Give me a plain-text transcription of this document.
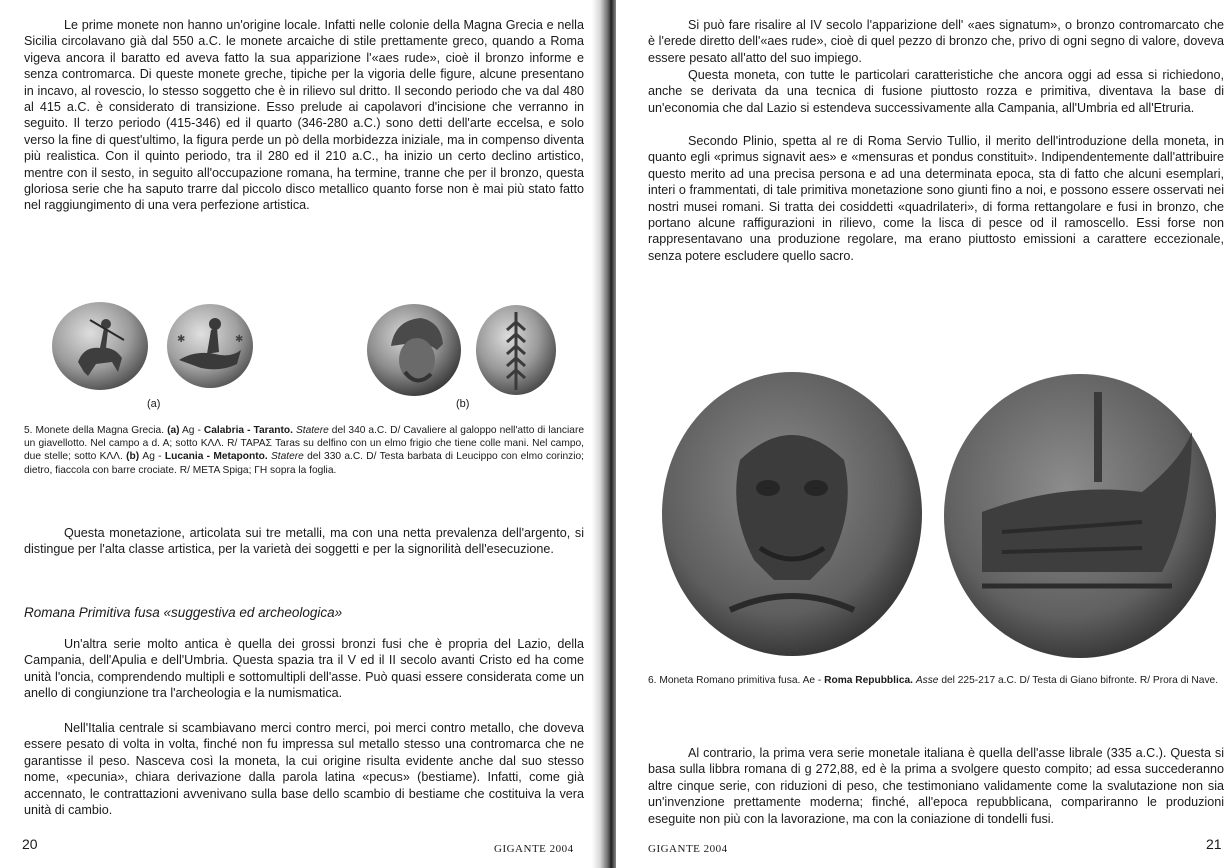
Le prime monete non hanno un'origine locale. Infatti nelle colonie della Magna Grecia e nella Sicilia circolavano già dal 550 a.C. le monete arcaiche di stile prettamente greco, quando a Roma vigeva ancora il baratto ed aveva fatto la sua apparizione l'«aes rude», cioè il bronzo informe e senza contromarca. Di queste monete greche, tipiche per la vigoria delle figure, alcune presentano in incavo, al rovescio, lo stesso soggetto che è in rilievo sul dritto. Il secondo periodo che va dal 480 al 415 a.C. è considerato di transizione. Esso prelude ai capolavori d'incisione che verranno in seguito. Il terzo periodo (415-346) ed il quarto (346-280 a.C.) sono detti dell'arte eccelsa, e solo verso la fine di quest'ultimo, la figura perde un pò della morbidezza iniziale, ma in compenso diventa più realistica. Con il quinto periodo, tra il 280 ed il 210 a.C., ha inizio un certo declino artistico, mentre con il sesto, in seguito all'occupazione romana, ha termine, tranne che per il bronzo, questa gloriosa serie che ha saputo trarre dal piccolo disco metallico quanto forse non è mai più stato fatto nel raggiungimento di una vera perfezione artistica.

✱	✱
(a)	(b)

5. Monete della Magna Grecia. (a) Ag - Calabria - Taranto. Statere del 340 a.C. D/ Cavaliere al galoppo nell'atto di lanciare un giavellotto. Nel campo a d. A; sotto ΚΛΛ. R/ ΤΑΡΑΣ Taras su delfino con un elmo frigio che tiene colle mani. Nel campo, due stelle; sotto ΚΛΛ. (b) Ag - Lucania - Metaponto. Statere del 330 a.C. D/ Testa barbata di Leucippo con elmo corinzio; dietro, fiaccola con barre crociate. R/ META Spiga; ΓΗ sopra la foglia.

Questa monetazione, articolata sui tre metalli, ma con una netta prevalenza dell'argento, si distingue per l'alta classe artistica, per la varietà dei soggetti e per la signorilità dell'esecuzione.

Romana Primitiva fusa «suggestiva ed archeologica»

Un'altra serie molto antica è quella dei grossi bronzi fusi che è propria del Lazio, della Campania, dell'Apulia e dell'Umbria. Questa spazia tra il V ed il II secolo avanti Cristo ed ha come unità l'oncia, comprendendo multipli e sottomultipli dell'asse. Può quasi essere considerata come un anello di congiunzione tra l'archeologia e la numismatica.

Nell'Italia centrale si scambiavano merci contro merci, poi merci contro metallo, che doveva essere pesato di volta in volta, finché non fu impressa sul metallo stesso una contromarca che ne garantisse il peso. Nasceva così la moneta, la cui origine risulta evidente anche dal suo stesso nome, «pecunia», chiara derivazione dalla parola latina «pecus» (bestiame). Infatti, come già accennato, le contrattazioni avvenivano sulla base dello scambio di bestiame che costituiva la vera unità di cambio.

20	GIGANTE 2004

Si può fare risalire al IV secolo l'apparizione dell' «aes signatum», o bronzo contromarcato che è l'erede diretto dell'«aes rude», cioè di quel pezzo di bronzo che, privo di ogni segno di valore, doveva essere pesato all'atto del suo impiego.

Questa moneta, con tutte le particolari caratteristiche che ancora oggi ad essa si richiedono, anche se derivata da una tecnica di fusione piuttosto rozza e primitiva, diventava la base di un'economia che dal Lazio si estendeva successivamente alla Campania, all'Umbria ed all'Etruria.

Secondo Plinio, spetta al re di Roma Servio Tullio, il merito dell'introduzione della moneta, in quanto egli «primus signavit aes» e «mensuras et pondus constituit». Indipendentemente dall'attribuire questo merito ad una precisa persona e ad una determinata epoca, sta di fatto che alcuni esemplari, interi o frammentati, di tale primitiva monetazione sono giunti fino a noi, e possono essere osservati nei nostri musei romani. Si tratta dei cosiddetti «quadrilateri», di forma rettangolare e fusi in bronzo, che portano alcune raffigurazioni in rilievo, come la lisca di pesce od il ramoscello. Essi forse non rappresentavano una produzione regolare, ma erano piuttosto emissioni a carattere eccezionale, senza potere escludere quello sacro.

6. Moneta Romano primitiva fusa. Ae - Roma Repubblica. Asse del 225-217 a.C. D/ Testa di Giano bifronte. R/ Prora di Nave.

Al contrario, la prima vera serie monetale italiana è quella dell'asse librale (335 a.C.). Questa si basa sulla libbra romana di g 272,88, ed è la prima a svolgere questo compito; ad essa succederanno altre cinque serie, con riduzioni di peso, che testimoniano validamente come la svalutazione non sia un'invenzione prettamente moderna; finché, all'epoca repubblicana, compariranno le produzioni eseguite non più con la lavorazione, ma con la coniazione di tondelli fusi.

GIGANTE 2004	21
